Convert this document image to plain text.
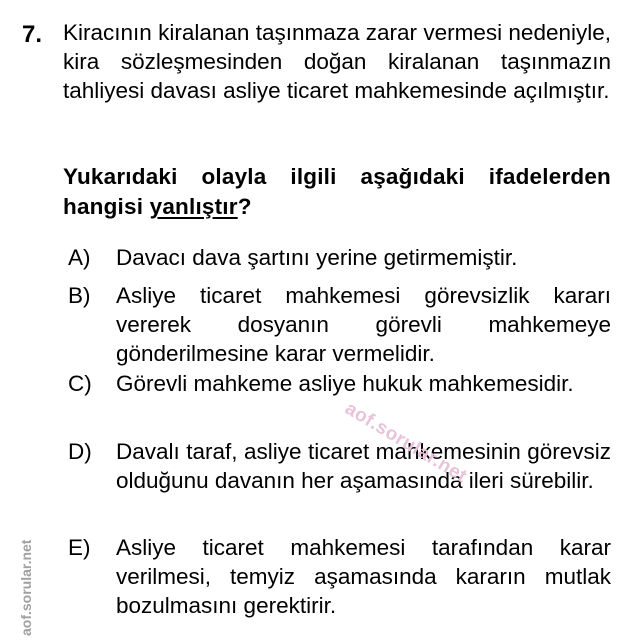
7. Kiracının kiralanan taşınmaza zarar vermesi nedeniyle, kira sözleşmesinden doğan kiralanan taşınmazın tahliyesi davası asliye ticaret mahkemesinde açılmıştır.
Yukarıdaki olayla ilgili aşağıdaki ifadelerden hangisi yanlıştır?
A)	Davacı dava şartını yerine getirmemiştir.
B)	Asliye ticaret mahkemesi görevsizlik kararı vererek dosyanın görevli mahkemeye gönderilmesine karar vermelidir.
C)	Görevli mahkeme asliye hukuk mahkemesidir.
D)	Davalı taraf, asliye ticaret mahkemesinin görevsiz olduğunu davanın her aşamasında ileri sürebilir.
E)	Asliye ticaret mahkemesi tarafından karar verilmesi, temyiz aşamasında kararın mutlak bozulmasını gerektirir.
aof.sorular.net
aof.sorular.net
